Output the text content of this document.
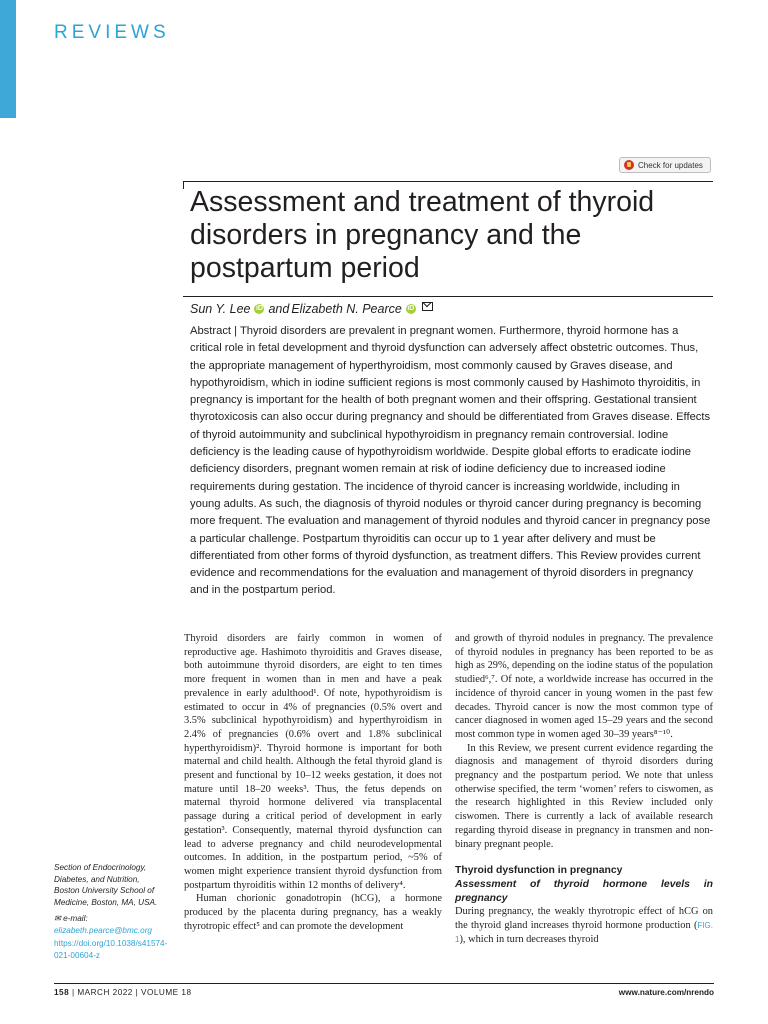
REVIEWS
Check for updates
Assessment and treatment of thyroid disorders in pregnancy and the postpartum period
Sun Y. Lee iD and Elizabeth N. Pearce iD

Abstract | Thyroid disorders are prevalent in pregnant women. Furthermore, thyroid hormone has a critical role in fetal development and thyroid dysfunction can adversely affect obstetric outcomes. Thus, the appropriate management of hyperthyroidism, most commonly caused by Graves disease, and hypothyroidism, which in iodine sufficient regions is most commonly caused by Hashimoto thyroiditis, in pregnancy is important for the health of both pregnant women and their offspring. Gestational transient thyrotoxicosis can also occur during pregnancy and should be differentiated from Graves disease. Effects of thyroid autoimmunity and subclinical hypothyroidism in pregnancy remain controversial. Iodine deficiency is the leading cause of hypothyroidism worldwide. Despite global efforts to eradicate iodine deficiency disorders, pregnant women remain at risk of iodine deficiency due to increased iodine requirements during gestation. The incidence of thyroid cancer is increasing worldwide, including in young adults. As such, the diagnosis of thyroid nodules or thyroid cancer during pregnancy is becoming more frequent. The evaluation and management of thyroid nodules and thyroid cancer in pregnancy pose a particular challenge. Postpartum thyroiditis can occur up to 1 year after delivery and must be differentiated from other forms of thyroid dysfunction, as treatment differs. This Review provides current evidence and recommendations for the evaluation and management of thyroid disorders in pregnancy and in the postpartum period.

Thyroid disorders are fairly common in women of reproductive age. Hashimoto thyroiditis and Graves disease, both autoimmune thyroid disorders, are eight to ten times more frequent in women than in men and have a peak prevalence in early adulthood¹. Of note, hypothyroidism is estimated to occur in 4% of pregnancies (0.5% overt and 3.5% subclinical hypothyroidism) and hyperthyroidism in 2.4% of pregnancies (0.6% overt and 1.8% subclinical hyperthyroidism)². Thyroid hormone is important for both maternal and child health. Although the fetal thyroid gland is present and functional by 10–12 weeks gestation, it does not mature until 18–20 weeks³. Thus, the fetus depends on maternal thyroid hormone delivered via transplacental passage during a critical period of development in early gestation³. Consequently, maternal thyroid dysfunction can lead to adverse pregnancy and child neurodevelopmental outcomes. In addition, in the postpartum period, ~5% of women might experience transient thyroid dysfunction from postpartum thyroiditis within 12 months of delivery⁴.

Human chorionic gonadotropin (hCG), a hormone produced by the placenta during pregnancy, has a weakly thyrotropic effect⁵ and can promote the development

and growth of thyroid nodules in pregnancy. The prevalence of thyroid nodules in pregnancy has been reported to be as high as 29%, depending on the iodine status of the population studied⁶,⁷. Of note, a worldwide increase has occurred in the incidence of thyroid cancer in young women in the past few decades. Thyroid cancer is now the most common type of cancer diagnosed in women aged 15–29 years and the second most common type in women aged 30–39 years⁸⁻¹⁰.

In this Review, we present current evidence regarding the diagnosis and management of thyroid disorders during pregnancy and the postpartum period. We note that unless otherwise specified, the term ‘women’ refers to ciswomen, as the research highlighted in this Review included only ciswomen. There is currently a lack of available research regarding thyroid disease in pregnancy in transmen and non-binary pregnant people.

Thyroid dysfunction in pregnancy

Assessment of thyroid hormone levels in pregnancy

During pregnancy, the weakly thyrotropic effect of hCG on the thyroid gland increases thyroid hormone production (FIG. 1), which in turn decreases thyroid

Section of Endocrinology, Diabetes, and Nutrition, Boston University School of Medicine, Boston, MA, USA.
✉ e-mail: elizabeth.pearce@bmc.org
https://doi.org/10.1038/s41574-021-00604-z
158 | MARCH 2022 | VOLUME 18	www.nature.com/nrendo
